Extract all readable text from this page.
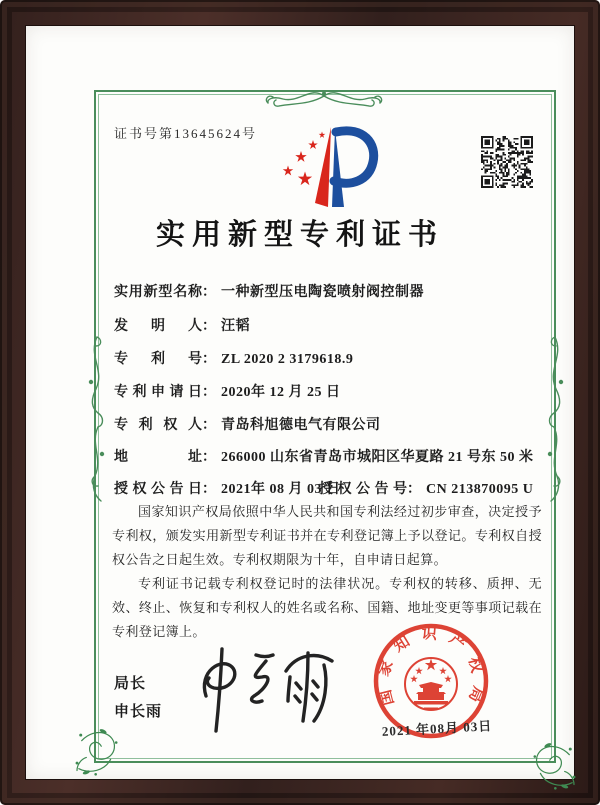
证书号第13645624号
实用新型专利证书
实用新型名称 ： 一种新型压电陶瓷喷射阀控制器
发明人 ： 汪韬
专利号 ： ZL 2020 2 3179618.9
专利申请日 ： 2020年 12 月 25 日
专利权人 ： 青岛科旭德电气有限公司
地址 ： 266000 山东省青岛市城阳区华夏路 21 号东 50 米
授权公告日 ： 2021年 08 月 03 日
授权公告号 ： CN 213870095 U

国家知识产权局依照中华人民共和国专利法经过初步审查，决定授予专利权，颁发实用新型专利证书并在专利登记簿上予以登记。专利权自授权公告之日起生效。专利权期限为十年，自申请日起算。

专利证书记载专利权登记时的法律状况。专利权的转移、质押、无效、终止、恢复和专利权人的姓名或名称、国籍、地址变更等事项记载在专利登记簿上。

局长
申长雨
国家知识产权局
2021 年08月 03日
